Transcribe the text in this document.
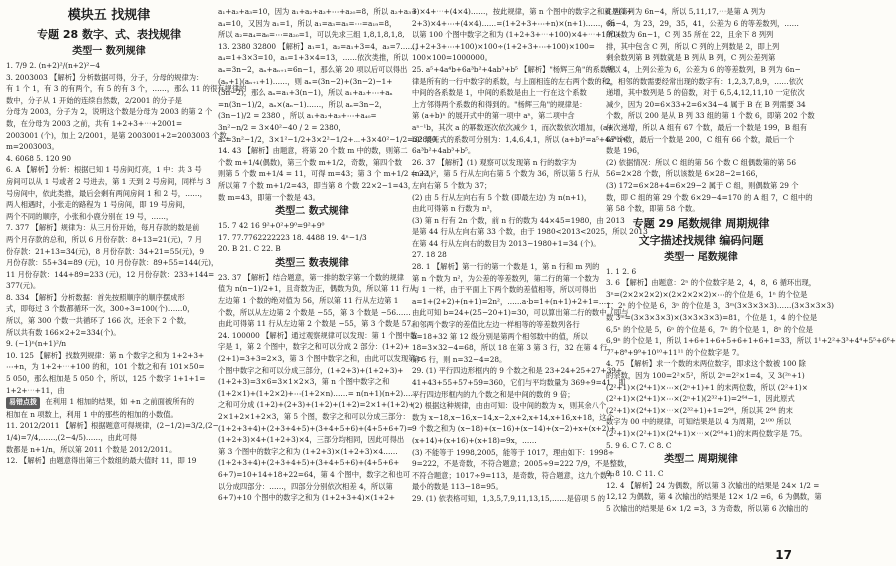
模块五 找规律
专题 28 数字、式、表找规律
类型一 数列规律
1. 7/9 2. (n+2)²/(n+2)²−4
3. 2003003 【解析】分析数据可得，分子，分母的规律为：
有 1 个 1，有 3 的有两个，有 5 的有 3 个，……，那么 11 的很有规律的
数中，分子从 1 开始的连续自然数，2/2001 的分子是
分母为 2003，分子为 2，说明这个数是分母为 2003 的第 2 个
数，在分母为 2003 之前，共有 1+2+3+⋯+2001=
2003001 (个)，加上 2/2001，是第 2003001+2=2003003 个数，
m=2003003。
4. 6068 5. 120 90
6. A 【解析】分析：根据已知 1 号房间灯亮，1 中：共 3 号
房间可以从 1 号或者 2 号进去，第 1 天到 2 号房间，同样与 3
号房间中，依此类推，最后会剩有两间房间 1 和 2 号，……，
两人相遇时，小张走的路程为 1 号房间，即 19 号房间，
两个不同的顺序，小张和小鹿分别在 19 号，……，
7. 377 【解析】规律为：从三月份开始，每月存款的数是前
两个月存款的总和，所以 6 月份存款：8+13=21(元)，7 月
份存款：21+13=34(元)，8 月份存款：34+21=55(元)，9
月份存款：55+34=89 (元)，10 月份存款：89+55=144(元)，
11 月份存款：144+89=233 (元)，12 月份存款：233+144=
377(元)。
8. 334 【解析】分析数据：首先按照顺序的顺序摆成形
式，即每过 3 个数都循环一次，300÷3=100(个)……0，
所以，第 300 个数一共循环了 166 次，还余下 2 个数，
所以共有数 166×2+2=334(个)。
9. (−1)ⁿ(n+1)²/n
10. 125 【解析】找数列规律：第 n 个数字之和为 1+2+3+
⋯+n，为 1+2+⋯+100 的和，101 个数之和有 101×50=
5 050，那么相加是 5 050 个，所以，125 个数字 1+1+1=
1+2+⋯+11，由
易错点拨 在利用 1 相加的结果，如 +n 之前面被所有的
相加在 n 项数上，利用 1 中的那些的相加的小数值。
11. 2012/2011 【解析】根据题意可得规律，(2−1/2)=3/2,(2−
1/4)=7/4,……,(2−4/5)……，由此可得
数都是 n+1/n，所以第 2011 个数是 2012/2011。
12. 【解析】由题意得出第三个数组的最大值时 11，即 19
a₁+a₂+a₃=10，因为 a₁+a₂+a₃+⋯+a₂₀=8，所以 a₂+a₃+
a₄=10，又因为 a₁=1，所以 a₁=a₃=a₅=⋯=a₁₉=8，
所以 a₂=a₄=a₆=⋯=a₂₀=1，可以先求三组 1,8,1,8,1,8,
13. 2380 32800 【解析】a₁=1，a₂=a₁+3=4，a₃=7……，
a₄=1+3×3=10，a₅=1+3×4=13，……依次类推，所以
aₙ=3n−2，aₙ+aₙ₊₁=6n−1，那么第 20 项以后可以得出
(aₙ+1)(aₙ₊₁+1)……，则 aₙ=(3n−2)+(3n−2)−1+
(3n−2)，那么 aₙ=a₁+3(n−1)，所以 a₁+a₂+⋯+aₙ
=n(3n−1)/2，aₙ×(aₙ−1)……，所以 aₙ=3n−2，
(3n−1)/2 = 2380 ，所以 a₁+a₂+a₃+⋯+a₄₀=
3n²−n/2 = 3×40²−40 / 2 = 2380，
aₙ=3n²−1/2，3×1²−1/2+3×2²−1/2+⋯+3×40²−1/2=32800。
14. 43 【解析】由题意，将第 20 个数 m 中的数，则第二
个数 m+1/4(偶数)，第三个数 m+1/2，奇数，第四个数
则第 5 个数 m+1/4 = 11，可得 m=43；第 3 个 m+1/2 = 22，
所以第 7 个数 m+1/2=43，即当第 8 个数 22×2−1=43，
数 m=43，即第一个数是 43。
类型二 数式规律
15. 7 42 16 9²+0²+9⁰=9²+9⁰
17. 77.7762222223 18. 4488 19. 4ⁿ−1/3
20. B 21. C 22. B
类型三 数表规律
23. 37 【解析】结合题意，第一排的数字第一个数的规律
值为 n(n−1)/2+1，且奇数为正，偶数为负，所以第 11 行从
左边第 1 个数的绝对值为 56，所以第 11 行从左边第 1
个数，所以从左边第 2 个数是 −55，第 3 个数是 −56……
由此可得第 11 行从左边第 2 个数是 −55，第 3 个数是 57。
24. 100000 【解析】通过观察规律可以发现：第 1 个图中数
字是 1，第 2 个图中，数字之和可以分成 2 部分：(1+2)+
(2+1)=3+3=2×3，第 3 个图中数字之和，由此可以发现第 n
个图中数字之和可以分成三部分，(1+2+3)+(1+2+3)+
(1+2+3)=3×6=3×1×2×3，第 n 个图中数字之和
(1+2×1)+(1+2×2)+⋯(1+2×n)……= n(n+1)(n+2)……
之和可分成 (1+2)+(2+3)+(1+2)+(1+2)=2×1+(1+2)+
2×1+2×1+2×3，第 5 个图，数字之和可以分成三部分：
(1+2+3+4)+(2+3+4+5)+(3+4+5+6)+(4+5+6+7)=
(1+2+3)×4+(1+2+3)×4，三部分均相同，因此可得出
第 3 个图中的数字之和为 (1+2+3)×(1+2+3)×4……
(1+2+3+4)+(2+3+4+5)+(3+4+5+6)+(4+5+6+
6+7)=10+14+18+22=64，第 4 个图中，数字之和也可
以分成四部分：……，四部分分别依次相差 4，所以第
6+7)+10 个图中的数字之和为 (1+2+3+4)×(1+2+
3)×4+⋯+(4×4)……，按此规律，第 n 个图中的数字之和就是(1+
2+3)×4+⋯+(4×4)……=(1+2+3+⋯+n)×(n+1)……，所
以第 100 个图中数字之和为 (1+2+3+⋯+100)×4+⋯+100+
(1+2+3+⋯+100)×100÷(1+2+3+⋯+100)×100=
100×100=1000000。
25. a⁵+4a⁴b+6a³b²+4ab³+b⁵ 【解析】"杨辉三角"的系数规
律是所有的一行中数字的系数，与上面相连的左右两个数的和，
中间的各系数是 1，中间的系数是由上一行在这个系数
上方邻得两个系数的和得到的。"杨辉三角"的规律是：
第 (a+b)ⁿ 的展开式中的第一项中 aⁿ，第二项中含
aⁿ⁻¹b，其次 a 的幂数逐次依次减少 1，而次数依次增加，(a+
b)⁵ 展开式的系数可分别为：1,4,6,4,1，所以 (a+b)⁵=a⁵+4a⁴b+
6a³b²+4ab³+b⁵。
26. 37 【解析】(1) 观察可以发现第 n 行的数字为
(n+1)²，第 5 行从左向右第 5 个数为 36，所以第 5 行从
左向右第 5 个数为 37；
(2) 由 5 行从左向右有 5 个数 (即最左边) 为 n(n+1)，
由此可得第 n 行数为 n²，
(3) 第 n 行有 2n 个数，前 n 行的数为 44×45=1980，由 2013
是第 44 行从左向右第 33 个数，由于 1980<2013<2025，所以 2013
在第 44 行从左向右的数目为 2013−1980+1=34 (个)。
27. 18 28
28. 1 【解析】第一行的第一个数是 1，第 n 行和 m 列的
第 n 个数为 n²，为公差的等差数列，第二行的第一个数为
与 1 一样，由于平面上下两个数的差值相等，所以可得出
a=1+(2+2)+(n+1)=2n²，……a·b=1+(n+1)+2+1=……
由此可知 b=24+(25−20+1)=30，可以算出第二行的数中（即与
和邻两个数字的差值比左边一样相等的等差数列各行
b=18+32 第 12 级分别是第两个相邻数中的值，所以
18=3×32−4=68，所以 18 在第 3 第 3 行，32 在第 4 行
第 5 行，则 n=32−4=28。
29. (1) 平行四边形框内的 9 个数之和是 23+24+25+27+39+
41+43+55+57+59=360，它们与平均数量为 369÷9=41，即
平行四边形框内的九个数之和是中间的数的 9 倍；
(2) 根据这种规律，由由可知：设中间的数为 x，则其余八个
数为 x−18,x−16,x−14,x−2,x+2,x+14,x+16,x+18，这个
9 个数之和为 (x−18)+(x−16)+(x−14)+(x−2)+x+(x+2)+
(x+14)+(x+16)+(x+18)=9x，……
(3) 不能等于 1998,2005，能等于 1017，理由如下：1998÷
9=222，不是奇数，不符合题意；2005÷9=222 7/9，不是整数，
不符合题意；1017÷9=113，是奇数，符合题意，这九个数中
最小的数是 113−18=95。
29. (1) 依表格可知，1,3,5,7,9,11,13,15,……是倍项 5 的
6 列第列为 6n−4，所以 5,11,17,⋯是第 A 列为
6n−4，为 23，29，35，41，公差为 6 的等差数列，……
所以数为 6n−1，C 列 35 所在 22，且余下 8 列列
排，其中包含 C 列，所以 C 列的上列数是 2，即上列
剩余数列第 B 列数就是 B 列从 B 列，C 列公差列第
所以 4，上列公差为 6，公差为 6 的等差数列，B 列为 6n−
2，相邻的数需要经常出现的数字有：1,2,3,7,8,9，……依次
递增，其中数列是 5 的倍数，对于 6,5,4,12,11,10 一定依次
减少，因为 20=6×33+2=6×34−4 属于 B 在 B 列需要 34
个数，所以 200 是从 B 列 33 组的第 1 个数 6，即第 202 个数
依次递增，所以 A 组有 67 个数，最后一个数是 199，B 组有
67 个数，最后一个数是 200，C 组有 66 个数，最后一个
数是 196，
(2) 依据情况：所以 C 组的第 56 个数 C 组偶数第的第 56
56=2×28 个数，所以该数是 6×28−2=166，
(3) 172=6×28+4=6×29−2 属于 C 组，则偶数第 29 个
数，即 C 组的第 29 个数 6×29−4=170 的 A 组 7，C 组中的
第 58 个数，即第 58 个数。
专题 29 尾数规律 周期规律
文字描述找规律 编码问题
类型一 尾数规律
1. 1 2. 6
3. 6 【解析】由题意：2ⁿ 的个位数字是 2，4，8，6 循环出现，
3ⁿ=(2×2×2×2)×(2×2×2×2)×⋯的个位是 6，1ⁿ 的个位是
1，2ⁿ 的个位是 6，3ⁿ 的个位是 3，3ᵐ(3×3×3×3)……(3×3×3×3)
数 3ᵐ=(3×3×3×3)×(3×3×3×3)=81，个位是 1，4 的个位是
6,5ⁿ 的个位是 5，6ⁿ 的个位是 6，7ⁿ 的个位是 1，8ⁿ 的个位是
6,9ⁿ 的个位是 1，所以 1+6+1+6+5+6+1+6+1=33，所以 1¹+2²+3³+4⁴+5⁵+6⁶+
7⁷+8⁸+9⁹+10¹⁰+11¹¹ 的个位数字是 7。
4. 75 【解析】求一个数的末两位数字，即求这个数被 100 除
的余数，因为 100=2²×5²，所以 2ⁿ=2²×1=4，又 3(²ⁿ+1)
(2²+1)×(2⁴+1)×⋯×(2ⁿ+1)+1 的末两位数，所以 (2²+1)×
(2²+1)×(2⁴+1)×⋯×(2ⁿ+1)(2³²+1)=2⁶⁴−1，因此原式
(2²+1)×(2⁴+1)×⋯×(2³²+1)+1=2⁶⁴，所以其 2⁶⁴ 的末
数字为 00 中的规律，可知结果是以 4 为周期，2¹⁰⁰ 所以
(2²+1)×(2²+1)×(2⁴+1)×⋯×(2⁶⁴+1)的末两位数字是 75。
5. 9 6. C 7. C 8. C
类型二 周期规律
9. 8 10. C 11. C
12. 4 【解析】24 为偶数，所以第 3 次输出的结果是 24× 1/2 =
12,12 为偶数，第 4 次输出的结果是 12× 1/2 =6，6 为偶数，第
5 次输出的结果是 6× 1/2 =3，3 为奇数，所以第 6 次输出的
17
